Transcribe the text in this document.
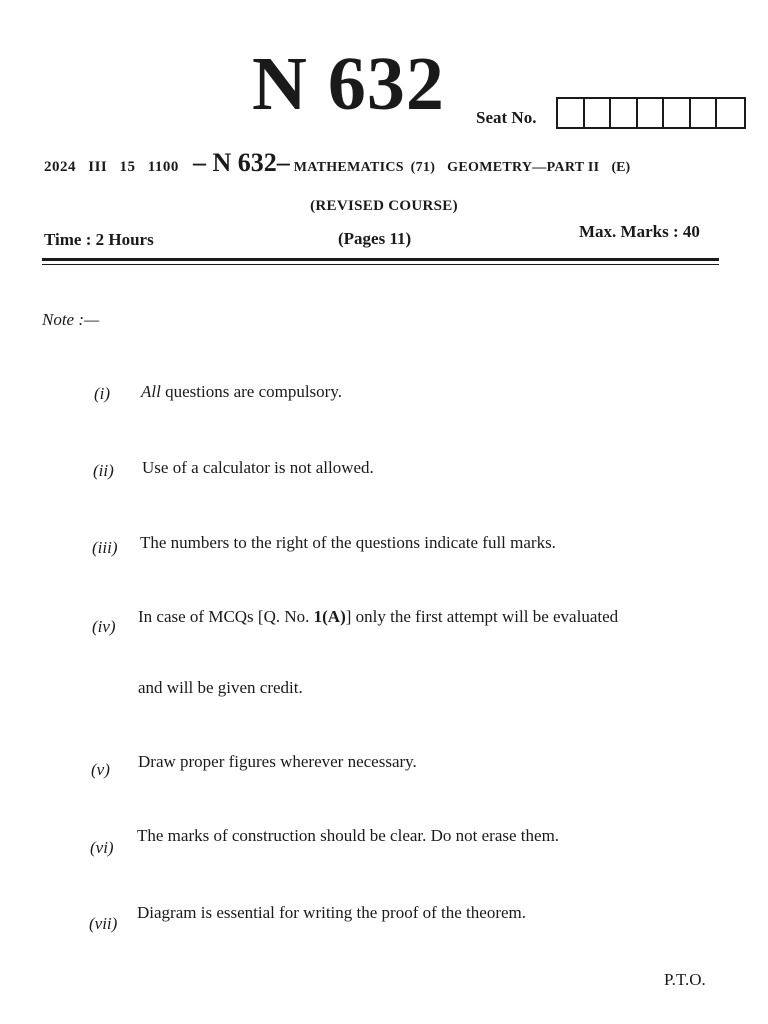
N 632 Seat No.
2024 III 15 1100 – N 632– MATHEMATICS (71) GEOMETRY—PART II (E)
(REVISED COURSE)
Time : 2 Hours	(Pages 11)	Max. Marks : 40
Note :—
(i) All questions are compulsory.
(ii) Use of a calculator is not allowed.
(iii) The numbers to the right of the questions indicate full marks.
(iv)
In case of MCQs [Q. No. 1(A)] only the first attempt will be evaluated
and will be given credit.
(v) Draw proper figures wherever necessary.
(vi)
The marks of construction should be clear. Do not erase them.
(vii)
Diagram is essential for writing the proof of the theorem.
P.T.O.
